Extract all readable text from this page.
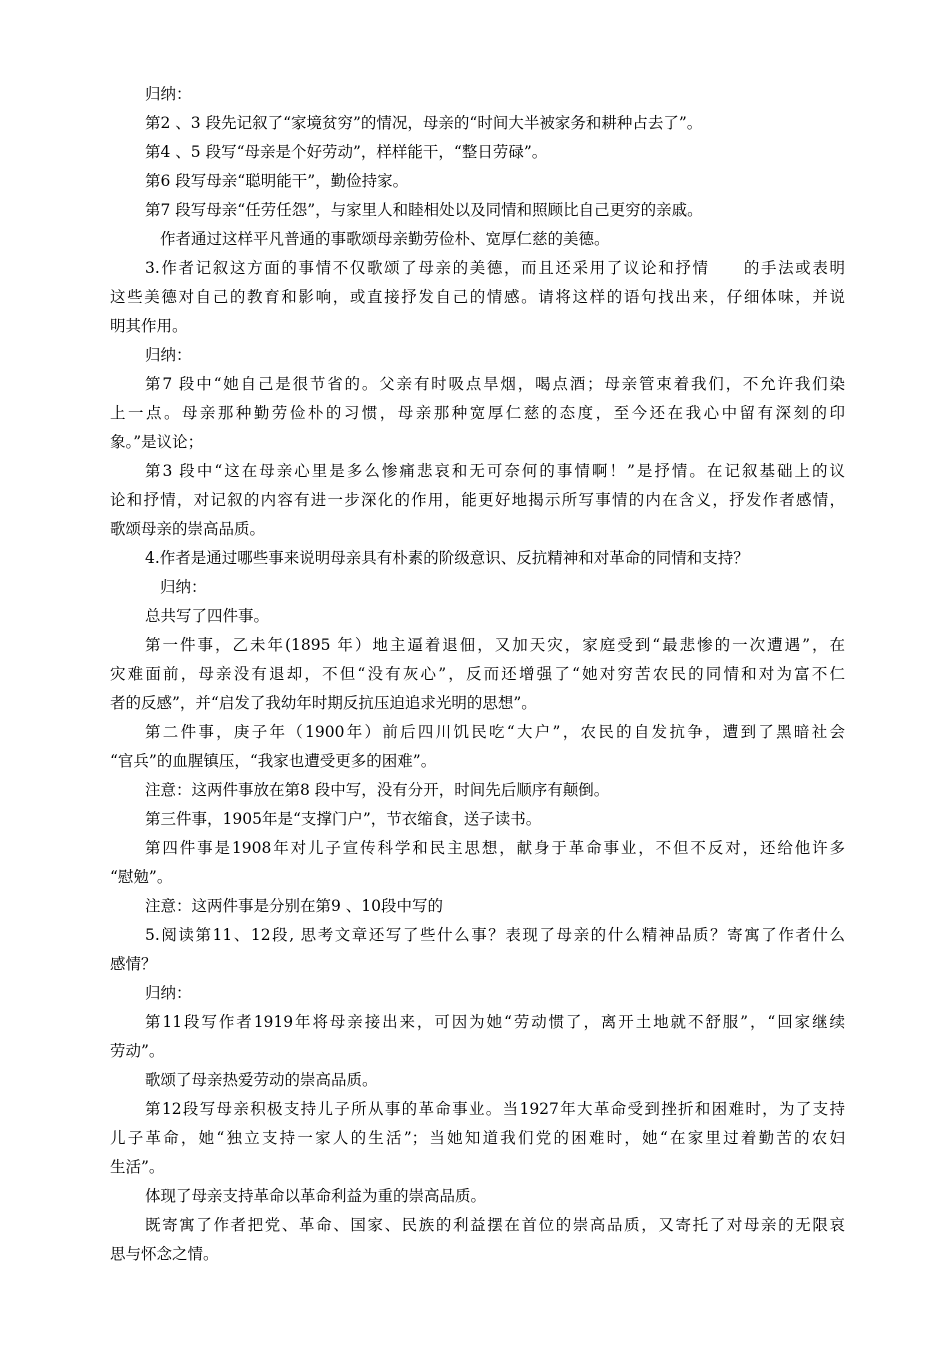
归纳：
第2 、3 段先记叙了“家境贫穷”的情况，母亲的“时间大半被家务和耕种占去了”。
第4 、5 段写“母亲是个好劳动”，样样能干，“整日劳碌”。
第6 段写母亲“聪明能干”，勤俭持家。
第7 段写母亲“任劳任怨”，与家里人和睦相处以及同情和照顾比自己更穷的亲戚。
作者通过这样平凡普通的事歌颂母亲勤劳俭朴、宽厚仁慈的美德。
3.作者记叙这方面的事情不仅歌颂了母亲的美德，而且还采用了议论和抒情　　的手法或表明
这些美德对自己的教育和影响，或直接抒发自己的情感。请将这样的语句找出来，仔细体味，并说
明其作用。
归纳：
第7 段中“她自己是很节省的。父亲有时吸点旱烟，喝点酒；母亲管束着我们，不允许我们染
上一点。母亲那种勤劳俭朴的习惯，母亲那种宽厚仁慈的态度，至今还在我心中留有深刻的印
象。”是议论；
第3 段中“这在母亲心里是多么惨痛悲哀和无可奈何的事情啊！”是抒情。在记叙基础上的议
论和抒情，对记叙的内容有进一步深化的作用，能更好地揭示所写事情的内在含义，抒发作者感情，
歌颂母亲的崇高品质。
4.作者是通过哪些事来说明母亲具有朴素的阶级意识、反抗精神和对革命的同情和支持？
归纳：
总共写了四件事。
第一件事，乙未年(1895 年）地主逼着退佃，又加天灾，家庭受到“最悲惨的一次遭遇”，在
灾难面前，母亲没有退却，不但“没有灰心”，反而还增强了“她对穷苦农民的同情和对为富不仁
者的反感”，并“启发了我幼年时期反抗压迫追求光明的思想”。
第二件事，庚子年（1900年）前后四川饥民吃“大户”，农民的自发抗争，遭到了黑暗社会
“官兵”的血腥镇压，“我家也遭受更多的困难”。
注意：这两件事放在第8 段中写，没有分开，时间先后顺序有颠倒。
第三件事，1905年是“支撑门户”，节衣缩食，送子读书。
第四件事是1908年对儿子宣传科学和民主思想，献身于革命事业，不但不反对，还给他许多
“慰勉”。
注意：这两件事是分别在第9 、10段中写的
5.阅读第11、12段, 思考文章还写了些什么事？表现了母亲的什么精神品质？寄寓了作者什么
感情？
归纳：
第11段写作者1919年将母亲接出来，可因为她“劳动惯了，离开土地就不舒服”，“回家继续
劳动”。
歌颂了母亲热爱劳动的崇高品质。
第12段写母亲积极支持儿子所从事的革命事业。当1927年大革命受到挫折和困难时，为了支持
儿子革命，她“独立支持一家人的生活”；当她知道我们党的困难时，她“在家里过着勤苦的农妇
生活”。
体现了母亲支持革命以革命利益为重的崇高品质。
既寄寓了作者把党、革命、国家、民族的利益摆在首位的崇高品质，又寄托了对母亲的无限哀
思与怀念之情。
